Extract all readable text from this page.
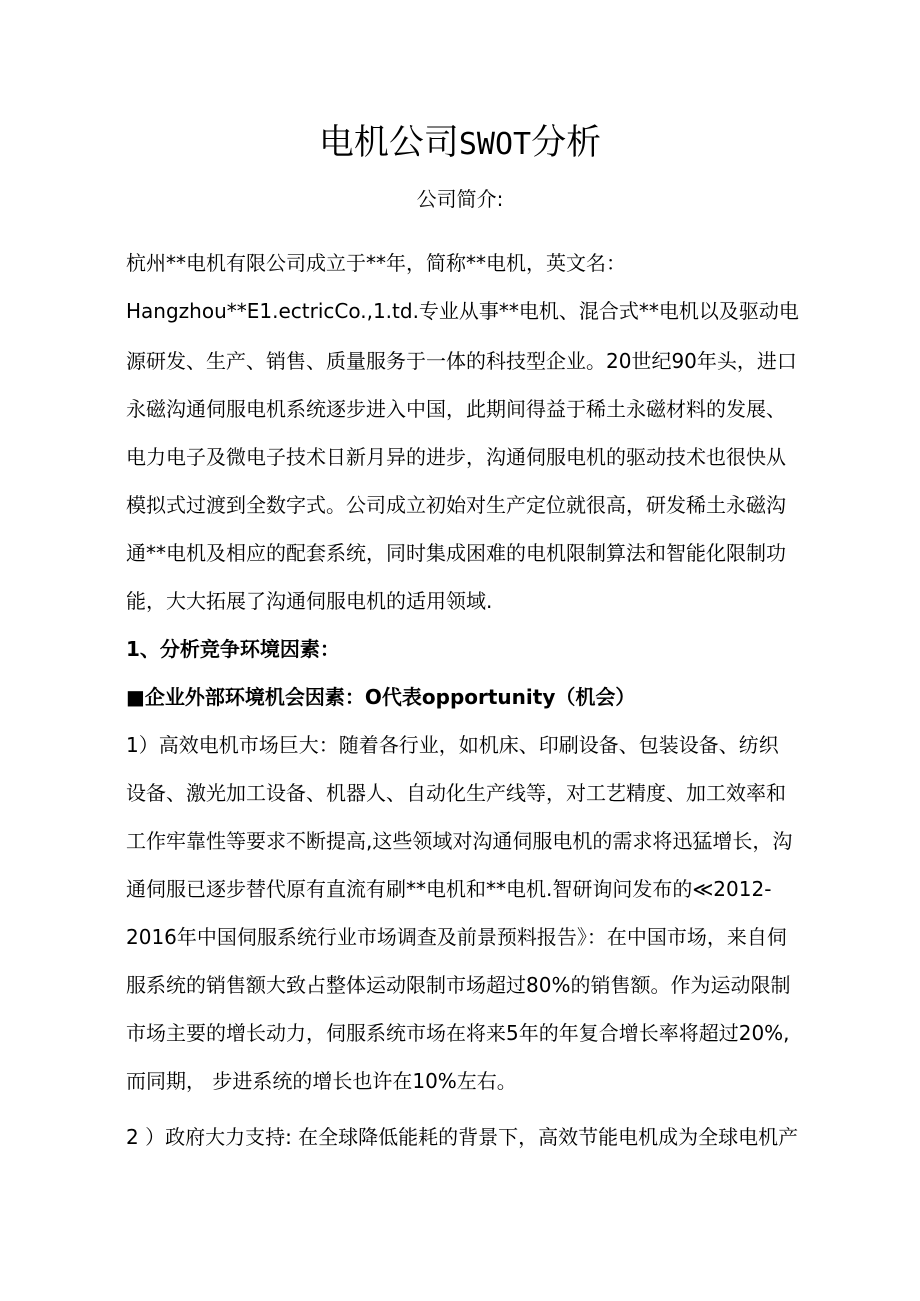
电机公司SWOT分析
公司简介:
杭州**电机有限公司成立于**年，简称**电机，英文名：
Hangzhou**E1.ectricCo.,1.td.专业从事**电机、混合式**电机以及驱动电
源研发、生产、销售、质量服务于一体的科技型企业。20世纪90年头，进口
永磁沟通伺服电机系统逐步进入中国，此期间得益于稀土永磁材料的发展、
电力电子及微电子技术日新月异的进步，沟通伺服电机的驱动技术也很快从
模拟式过渡到全数字式。公司成立初始对生产定位就很高，研发稀土永磁沟
通**电机及相应的配套系统，同时集成困难的电机限制算法和智能化限制功
能，大大拓展了沟通伺服电机的适用领域.
1、分析竞争环境因素：
■企业外部环境机会因素：O代表opportunity（机会）
1）高效电机市场巨大：随着各行业，如机床、印刷设备、包装设备、纺织
设备、激光加工设备、机器人、自动化生产线等，对工艺精度、加工效率和
工作牢靠性等要求不断提高,这些领域对沟通伺服电机的需求将迅猛增长，沟
通伺服已逐步替代原有直流有刷**电机和**电机.智研询问发布的≪2012-
2016年中国伺服系统行业市场调查及前景预料报告》：在中国市场，来自伺
服系统的销售额大致占整体运动限制市场超过80%的销售额。作为运动限制
市场主要的增长动力，伺服系统市场在将来5年的年复合增长率将超过20%,
而同期， 步进系统的增长也许在10%左右。
2 ）政府大力支持: 在全球降低能耗的背景下，高效节能电机成为全球电机产
